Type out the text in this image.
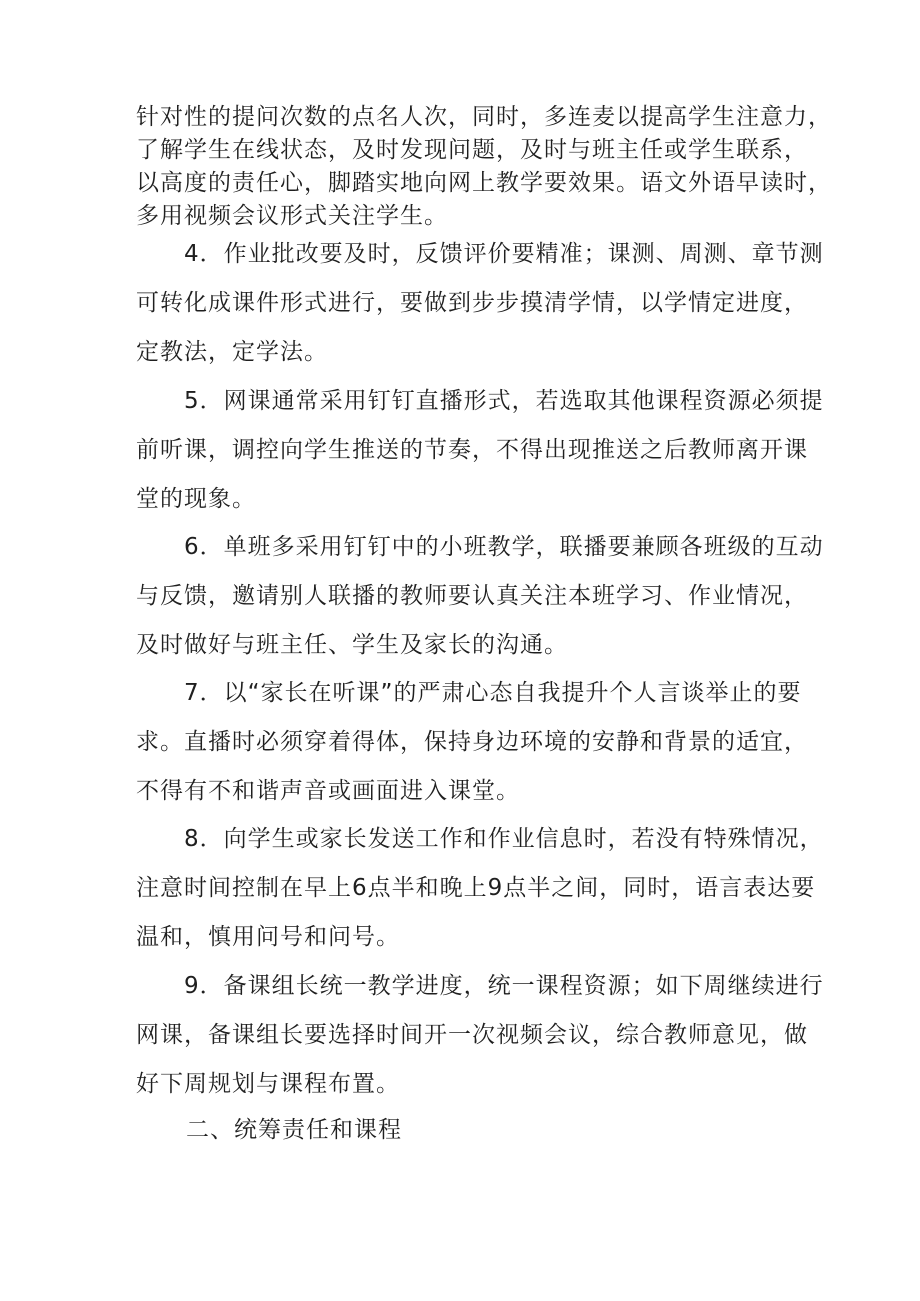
针对性的提问次数的点名人次，同时，多连麦以提高学生注意力，
了解学生在线状态，及时发现问题，及时与班主任或学生联系，
以高度的责任心，脚踏实地向网上教学要效果。语文外语早读时，
多用视频会议形式关注学生。

　　4．作业批改要及时，反馈评价要精准；课测、周测、章节测
可转化成课件形式进行，要做到步步摸清学情，以学情定进度，
定教法，定学法。

　　5．网课通常采用钉钉直播形式，若选取其他课程资源必须提
前听课，调控向学生推送的节奏，不得出现推送之后教师离开课
堂的现象。

　　6．单班多采用钉钉中的小班教学，联播要兼顾各班级的互动
与反馈，邀请别人联播的教师要认真关注本班学习、作业情况，
及时做好与班主任、学生及家长的沟通。

　　7．以“家长在听课”的严肃心态自我提升个人言谈举止的要
求。直播时必须穿着得体，保持身边环境的安静和背景的适宜，
不得有不和谐声音或画面进入课堂。

　　8．向学生或家长发送工作和作业信息时，若没有特殊情况，
注意时间控制在早上6点半和晚上9点半之间，同时，语言表达要
温和，慎用问号和问号。

　　9．备课组长统一教学进度，统一课程资源；如下周继续进行
网课，备课组长要选择时间开一次视频会议，综合教师意见，做
好下周规划与课程布置。

二、统筹责任和课程
